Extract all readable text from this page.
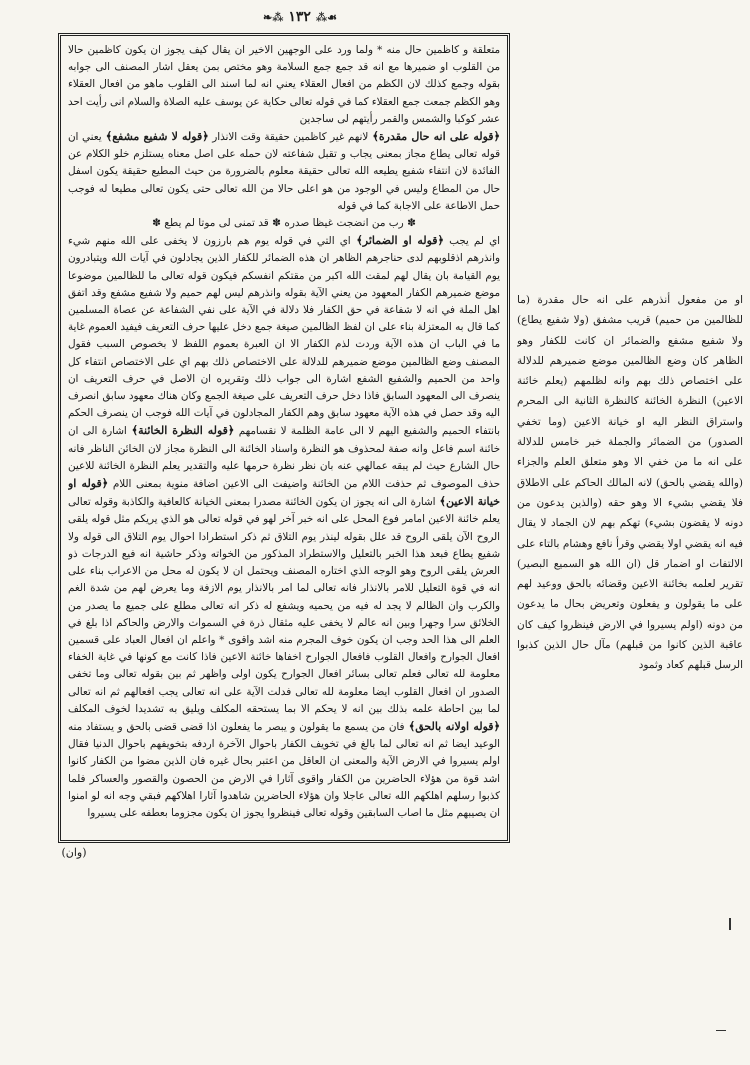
❧⁂ ١٣٢ ⁂☙

متعلقة و كاظمين حال منه * ولما ورد على الوجهين الاخير ان يقال كيف يجوز ان يكون كاظمين حالا من القلوب او ضميرها مع انه قد جمع جمع السلامة وهو مختص بمن يعقل اشار المصنف الى جوابه بقوله وجمع كذلك لان الكظم من افعال العقلاء يعني انه لما اسند الى القلوب ماهو من افعال العقلاء وهو الكظم جمعت جمع العقلاء كما في قوله تعالى حكاية عن يوسف عليه الصلاة والسلام انى رأيت احد عشر كوكبا والشمس والقمر رأيتهم لى ساجدين

﴿قوله على انه حال مقدرة﴾ لانهم غير كاظمين حقيقة وقت الانذار ﴿قوله لا شفيع مشفع﴾ يعني ان قوله تعالى يطاع مجاز بمعنى يجاب و تقبل شفاعته لان حمله على اصل معناه يستلزم خلو الكلام عن الفائدة لان انتفاء شفيع يطيعه الله تعالى حقيقة معلوم بالضرورة من حيث المطيع حقيقة يكون اسفل حال من المطاع وليس في الوجود من هو اعلى حالا من الله تعالى حتى يكون تعالى مطيعا له فوجب حمل الاطاعة على الاجابة كما في قوله

✽ رب من انضجت غيظا صدره ✽ قد تمنى لى موتا لم يطع ✽

اي لم يجب ﴿قوله او الضمائر﴾ اي التي في قوله يوم هم بارزون لا يخفى على الله منهم شيء وانذرهم اذقلوبهم لدى حناجرهم الظاهر ان هذه الضمائر للكفار الذين يجادلون في آيات الله ويتبادرون يوم القيامة بان يقال لهم لمقت الله اكبر من مقتكم انفسكم فيكون قوله تعالى ما للظالمين موضوعا موضع ضميرهم الكفار المعهود من يعني الآية بقوله وانذرهم ليس لهم حميم ولا شفيع مشفع وقد اتفق اهل الملة في انه لا شفاعة في حق الكفار فلا دلالة في الآية على نفي الشفاعة عن عصاة المسلمين كما قال به المعتزلة بناء على ان لفظ الظالمين صيغة جمع دخل عليها حرف التعريف فيفيد العموم غاية ما في الباب ان هذه الآية وردت لذم الكفار الا ان العبرة بعموم اللفظ لا بخصوص السبب فقول المصنف وضع الظالمين موضع ضميرهم للدلالة على الاختصاص ذلك بهم اي على الاختصاص انتفاء كل واحد من الحميم والشفيع الشفع اشارة الى جواب ذلك وتقريره ان الاصل في حرف التعريف ان ينصرف الى المعهود السابق فاذا دخل حرف التعريف على صيغة الجمع وكان هناك معهود سابق انصرف اليه وقد حصل في هذه الآية معهود سابق وهم الكفار المجادلون في آيات الله فوجب ان ينصرف الحكم بانتفاء الحميم والشفيع اليهم لا الى عامة الظلمة لا نقسامهم ﴿قوله النظرة الخائنة﴾ اشارة الى ان خائنة اسم فاعل وانه صفة لمحذوف هو النظرة واسناد الخائنة الى النظرة مجاز لان الخائن الناظر فانه حال الشارع حيث لم يبقه عمالهي عنه بان نظر نظرة حرمها عليه والتقدير يعلم النظرة الخائنة للاعين حذف الموصوف ثم حذفت اللام من الخائنة واضيفت الى الاعين اضافة منوية بمعنى اللام ﴿قوله او خيانة الاعين﴾ اشارة الى انه يجوز ان يكون الخائنة مصدرا بمعنى الخيانة كالعافية والكاذبة وقوله تعالى يعلم خائنة الاعين امامر فوع المحل على انه خبر آخر لهو في قوله تعالى هو الذي يريكم مثل قوله يلقى الروح الآن يلقى الروح قد علل بقوله لينذر يوم التلاق ثم ذكر استطرادا احوال يوم التلاق الى قوله ولا شفيع يطاع فبعد هذا الخبر بالتعليل والاستطراد المذكور من الخواته وذكر حاشية انه فيع الدرجات ذو العرش يلقى الروح وهو الوجه الذي اختاره المصنف ويحتمل ان لا يكون له محل من الاعراب بناء على انه في قوة التعليل للامر بالانذار فانه تعالى لما امر بالانذار يوم الازفة وما يعرض لهم من شدة الغم والكرب وان الظالم لا يجد له فيه من يحميه ويشفع له ذكر انه تعالى مطلع على جميع ما يصدر من الخلائق سرا وجهرا وبين انه عالم لا يخفى عليه مثقال ذرة في السموات والارض والحاكم اذا بلغ في العلم الى هذا الحد وجب ان يكون خوف المجرم منه اشد واقوى * واعلم ان افعال العباد على قسمين افعال الجوارح وافعال القلوب فافعال الجوارح اخفاها خائنة الاعين فاذا كانت مع كونها في غاية الخفاء معلومة لله تعالى فعلم تعالى بسائر افعال الجوارح يكون اولى واظهر ثم بين بقوله تعالى وما تخفى الصدور ان افعال القلوب ايضا معلومة لله تعالى فدلت الآية على انه تعالى يجب افعالهم ثم انه تعالى لما بين احاطة علمه بذلك بين انه لا يحكم الا بما يستحقه المكلف ويليق به تشديدا لخوف المكلف ﴿قوله اولانه بالحق﴾ فان من يسمع ما يقولون و يبصر ما يفعلون اذا قضى قضى بالحق و يستفاد منه الوعيد ايضا ثم انه تعالى لما بالغ في تخويف الكفار باحوال الآخرة اردفه بتخويفهم باحوال الدنيا فقال اولم يسيروا في الارض الآية والمعنى ان العاقل من اعتبر بحال غيره فان الذين مضوا من الكفار كانوا اشد قوة من هؤلاء الحاضرين من الكفار واقوى آثارا في الارض من الحصون والقصور والعساكر فلما كذبوا رسلهم اهلكهم الله تعالى عاجلا وان هؤلاء الحاضرين شاهدوا آثارا اهلاكهم فبقي وجه انه لو امنوا ان يصيبهم مثل ما اصاب السابقين وقوله تعالى فينظروا يجوز ان يكون مجزوما بعطفه على يسيروا
(وان)

او من مفعول أنذرهم على انه حال مقدرة (ما للظالمين من حميم) قريب مشفق (ولا شفيع يطاع) ولا شفيع مشفع والضمائر ان كانت للكفار وهو الظاهر كان وضع الظالمين موضع ضميرهم للدلالة على اختصاص ذلك بهم وانه لظلمهم (يعلم خائنة الاعين) النظرة الخائنة كالنظرة الثانية الى المحرم واستراق النظر اليه او خيانة الاعين (وما تخفي الصدور) من الضمائر والجملة خبر خامس للدلالة على انه ما من خفي الا وهو متعلق العلم والجزاء (والله يقضي بالحق) لانه المالك الحاكم على الاطلاق فلا يقضي بشيء الا وهو حقه (والذين يدعون من دونه لا يقضون بشيء) تهكم بهم لان الجماد لا يقال فيه انه يقضي اولا يقضي وقرأ نافع وهشام بالتاء على الالتفات او اضمار قل (ان الله هو السميع البصير) تقرير لعلمه بخائنة الاعين وقضائه بالحق ووعيد لهم على ما يقولون و يفعلون وتعريض بحال ما يدعون من دونه (اولم يسيروا في الارض فينظروا كيف كان عاقبة الذين كانوا من قبلهم) مآل حال الذين كذبوا الرسل قبلهم كعاد وثمود
